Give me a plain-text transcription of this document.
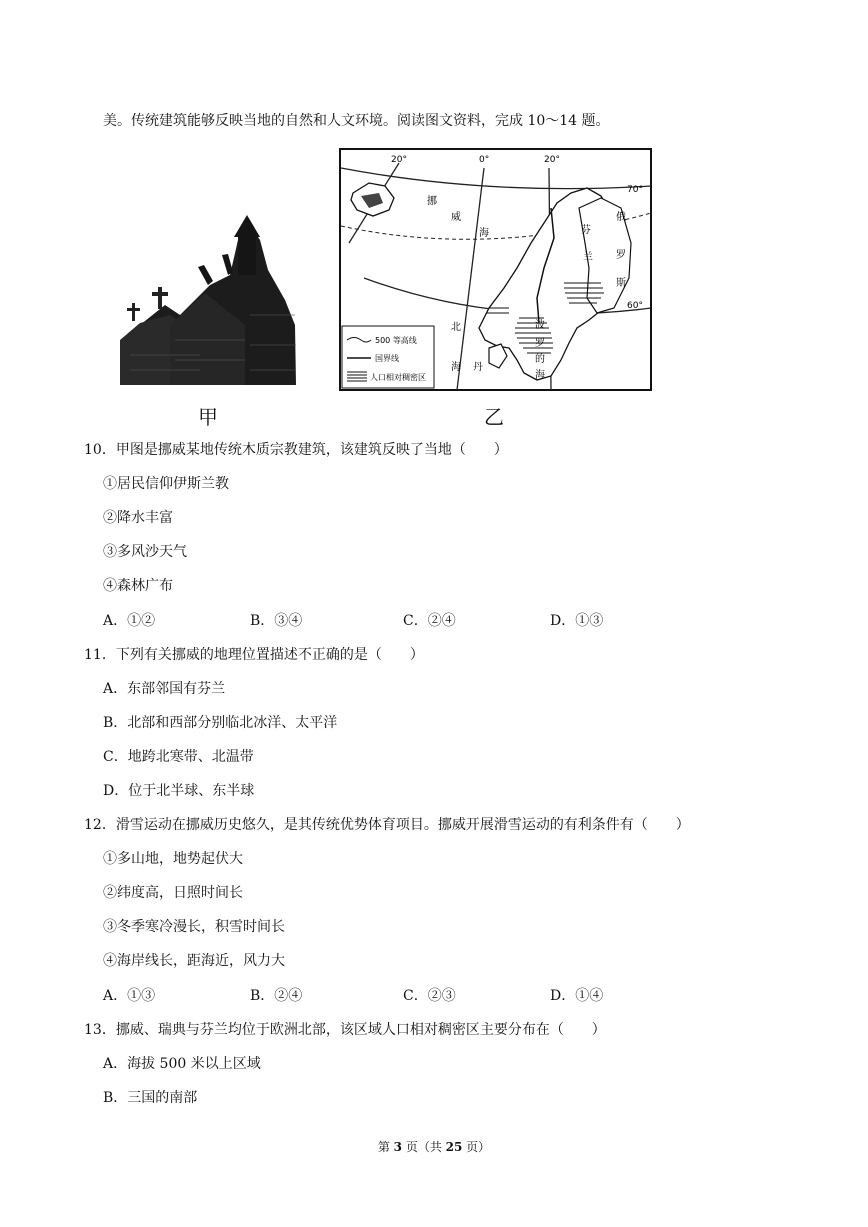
美。传统建筑能够反映当地的自然和人文环境。阅读图文资料，完成 10～14 题。
甲
20°	0°	20°
70°
60°
挪
威
海	芬
兰
俄
罗
斯
北
海 丹
波
罗
的
海
500 等高线
国界线
人口相对稠密区
乙
10．甲图是挪威某地传统木质宗教建筑，该建筑反映了当地（　　）
①居民信仰伊斯兰教
②降水丰富
③多风沙天气
④森林广布
A．①②	B．③④	C．②④	D．①③
11．下列有关挪威的地理位置描述不正确的是（　　）
A．东部邻国有芬兰
B．北部和西部分别临北冰洋、太平洋
C．地跨北寒带、北温带
D．位于北半球、东半球
12．滑雪运动在挪威历史悠久，是其传统优势体育项目。挪威开展滑雪运动的有利条件有（　　）
①多山地，地势起伏大
②纬度高，日照时间长
③冬季寒冷漫长，积雪时间长
④海岸线长，距海近，风力大
A．①③	B．②④	C．②③	D．①④
13．挪威、瑞典与芬兰均位于欧洲北部，该区域人口相对稠密区主要分布在（　　）
A．海拔 500 米以上区域
B．三国的南部
第 3 页（共 25 页）
